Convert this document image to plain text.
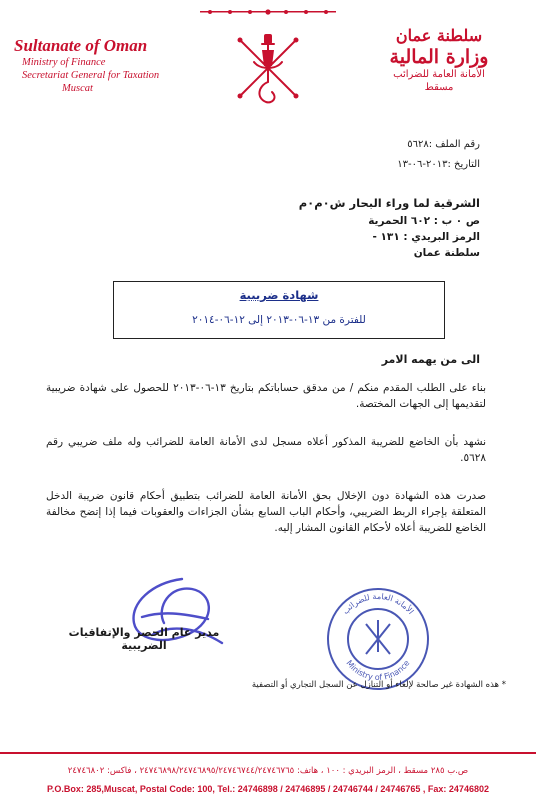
Sultanate of Oman
Ministry of Finance
Secretariat General for Taxation
Muscat
سلطنة عمان
وزارة المالية
الأمانة العامة للضرائب
مسقط
رقم الملف :٥٦٢٨
التاريخ :٢٠١٣-٠٦-١٣
الشرقية لما وراء البحار ش٠م٠م
ص ٠ ب : ٦٠٢ الحمرية
الرمز البريدي : ١٣١ -
سلطنة عمان
شهادة ضريبية
للفترة من ١٣-٠٦-٢٠١٣ إلى ١٢-٠٦-٢٠١٤
الى من يهمه الامر
بناء على الطلب المقدم منكم / من مدقق حساباتكم بتاريخ ١٣-٠٦-٢٠١٣ للحصول على شهادة ضريبية لتقديمها إلى الجهات المختصة.
نشهد بأن الخاضع للضريبة المذكور أعلاه مسجل لدى الأمانة العامة للضرائب وله ملف ضريبي رقم ٥٦٢٨.
صدرت هذه الشهادة دون الإخلال بحق الأمانة العامة للضرائب بتطبيق أحكام قانون ضريبة الدخل المتعلقة بإجراء الربط الضريبي، وأحكام الباب السابع بشأن الجزاءات والعقوبات فيما إذا إتضح مخالفة الخاضع للضريبة أعلاه لأحكام القانون المشار إليه.
الأمانة العامة للضرائب
Ministry of Finance
مدير عام الحصر والإتفاقيات الضريبية
* هذه الشهادة غير صالحة لإلغاء أو التنازل عن السجل التجاري أو التصفية
ص.ب ٢٨٥ مسقط ، الرمز البريدي : ١٠٠ ، هاتف: ٢٤٧٤٦٨٩٨/٢٤٧٤٦٨٩٥/٢٤٧٤٦٧٤٤/٢٤٧٤٦٧٦٥ ، فاكس: ٢٤٧٤٦٨٠٢
P.O.Box: 285,Muscat, Postal Code: 100, Tel.: 24746898 / 24746895 / 24746744 / 24746765 , Fax: 24746802
